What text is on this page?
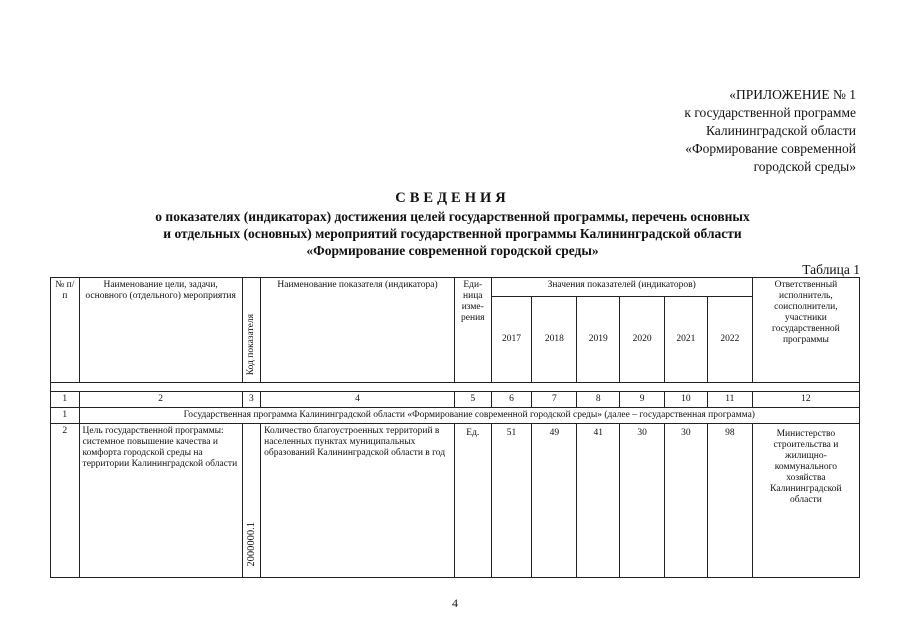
«ПРИЛОЖЕНИЕ № 1
к государственной программе
Калининградской области
«Формирование современной
городской среды»
СВЕДЕНИЯ
о показателях (индикаторах) достижения целей государственной программы, перечень основных
и отдельных (основных) мероприятий государственной программы Калининградской области
«Формирование современной городской среды»
Таблица 1
№ п/п	Наименование цели, задачи, основного (отдельного) мероприятия	Код показателя	Наименование показателя (индикатора)	Еди- ница изме- рения	Значения показателей (индикаторов)						Ответственный исполнитель, соисполнители, участники государственной программы
					2017	2018	2019	2020	2021	2022	

1	2	3	4	5	6	7	8	9	10	11	12
1	Государственная программа Калининградской области «Формирование современной городской среды» (далее – государственная программа)										
2	Цель государственной программы: системное повышение качества и комфорта городской среды на территории Калининградской области	2000000.1	Количество благоустроенных территорий в населенных пунктах муниципальных образований Калининградской области в год	Ед.	51	49	41	30	30	98	Министерство строительства и жилищно-коммунального хозяйства Калининградской области
4
